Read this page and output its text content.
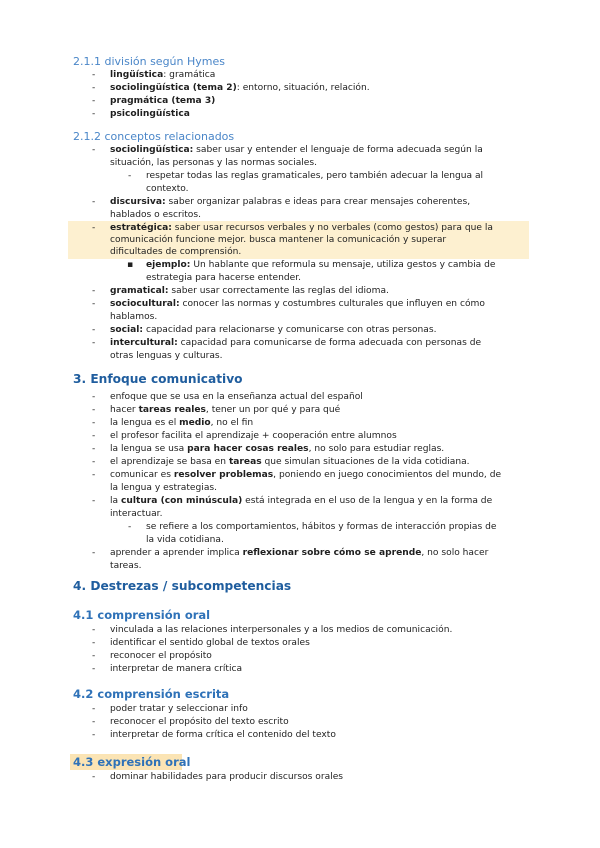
2.1.1 división según Hymes
- lingüística: gramática
- sociolingüística (tema 2): entorno, situación, relación.
- pragmática (tema 3)
- psicolingüística
2.1.2 conceptos relacionados
- sociolingüística: saber usar y entender el lenguaje de forma adecuada según la
situación, las personas y las normas sociales.
- respetar todas las reglas gramaticales, pero también adecuar la lengua al
contexto.
- discursiva: saber organizar palabras e ideas para crear mensajes coherentes,
hablados o escritos.
- estratégica: saber usar recursos verbales y no verbales (como gestos) para que la
comunicación funcione mejor. busca mantener la comunicación y superar
dificultades de comprensión.
▪ ejemplo: Un hablante que reformula su mensaje, utiliza gestos y cambia de
estrategia para hacerse entender.
- gramatical: saber usar correctamente las reglas del idioma.
- sociocultural: conocer las normas y costumbres culturales que influyen en cómo
hablamos.
- social: capacidad para relacionarse y comunicarse con otras personas.
- intercultural: capacidad para comunicarse de forma adecuada con personas de
otras lenguas y culturas.
3. Enfoque comunicativo
- enfoque que se usa en la enseñanza actual del español
- hacer tareas reales, tener un por qué y para qué
- la lengua es el medio, no el fin
- el profesor facilita el aprendizaje + cooperación entre alumnos
- la lengua se usa para hacer cosas reales, no solo para estudiar reglas.
- el aprendizaje se basa en tareas que simulan situaciones de la vida cotidiana.
- comunicar es resolver problemas, poniendo en juego conocimientos del mundo, de
la lengua y estrategias.
- la cultura (con minúscula) está integrada en el uso de la lengua y en la forma de
interactuar.
- se refiere a los comportamientos, hábitos y formas de interacción propias de
la vida cotidiana.
- aprender a aprender implica reflexionar sobre cómo se aprende, no solo hacer
tareas.
4. Destrezas / subcompetencias
4.1 comprensión oral
- vinculada a las relaciones interpersonales y a los medios de comunicación.
- identificar el sentido global de textos orales
- reconocer el propósito
- interpretar de manera crítica
4.2 comprensión escrita
- poder tratar y seleccionar info
- reconocer el propósito del texto escrito
- interpretar de forma crítica el contenido del texto
4.3 expresión oral
- dominar habilidades para producir discursos orales
